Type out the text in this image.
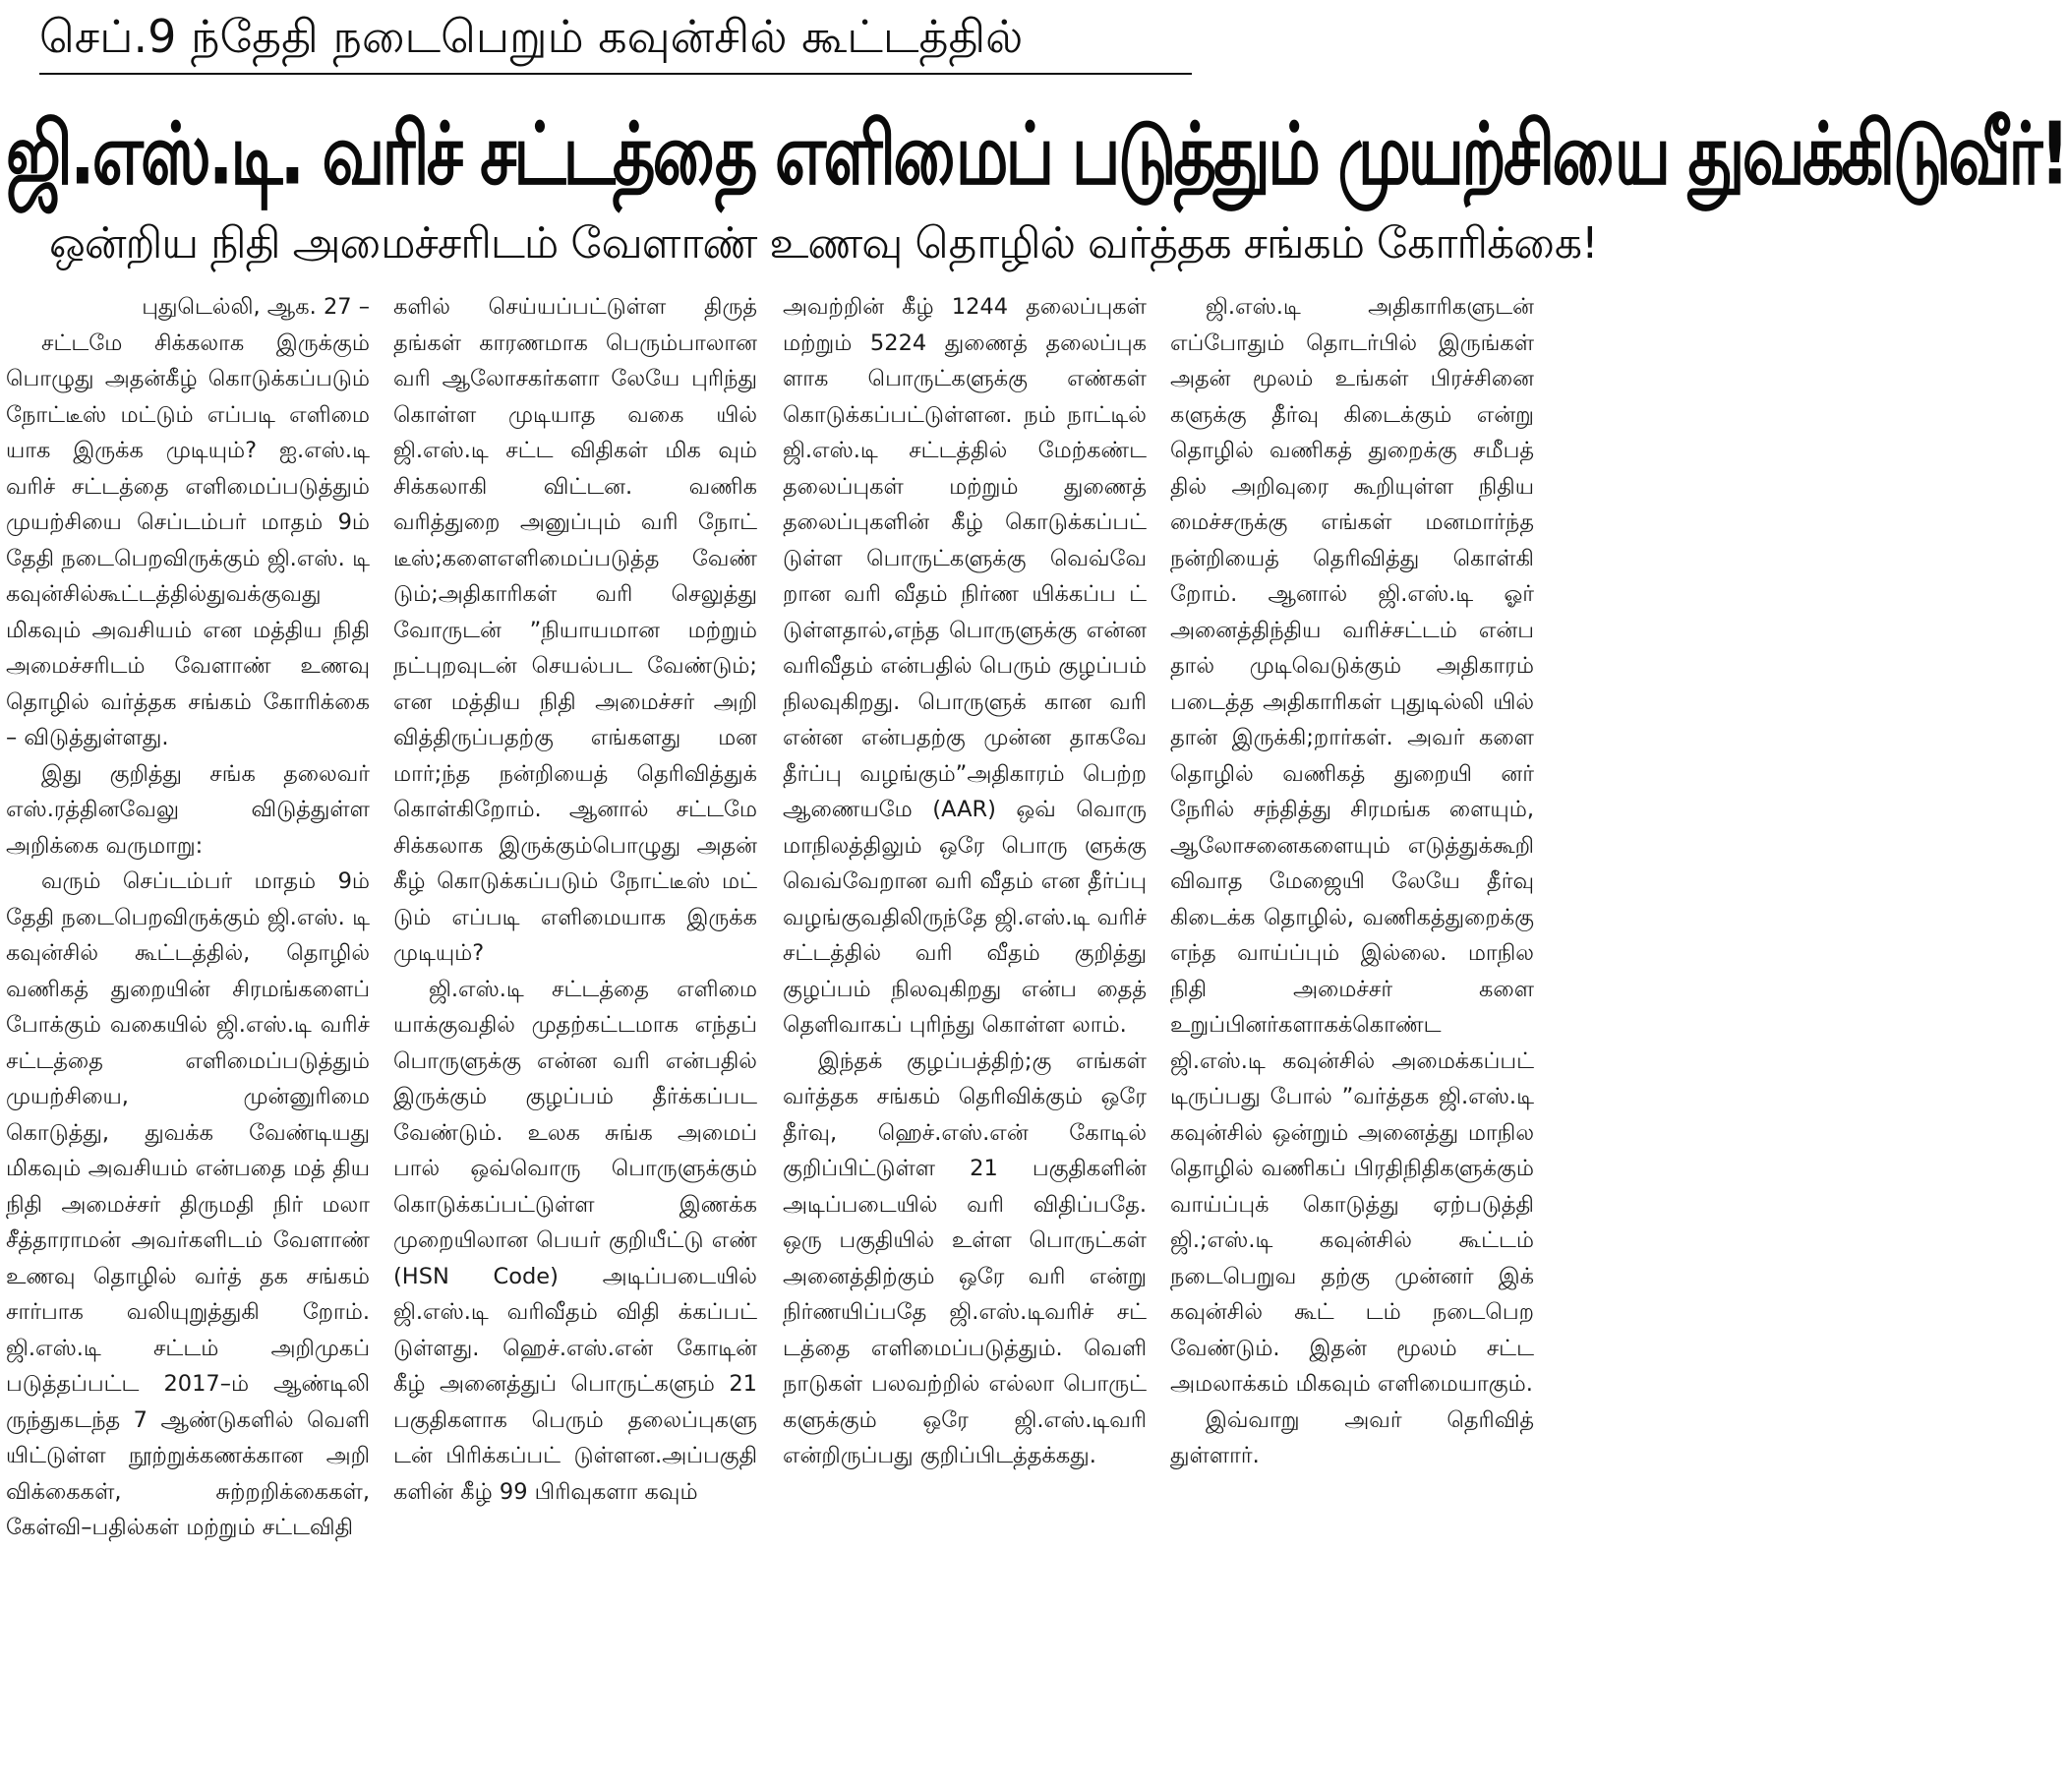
செப்.9 ந்தேதி நடைபெறும் கவுன்சில் கூட்டத்தில்
ஜி.எஸ்.டி. வரிச் சட்டத்தை எளிமைப் படுத்தும் முயற்சியை துவக்கிடுவீர்!
ஒன்றிய நிதி அமைச்சரிடம் வேளாண் உணவு தொழில் வர்த்தக சங்கம் கோரிக்கை!

புதுடெல்லி, ஆக. 27 –

சட்டமே சிக்கலாக இருக்கும் பொழுது அதன்கீழ் கொடுக்கப்படும் நோட்டீஸ் மட்டும் எப்படி எளிமை யாக இருக்க முடியும்? ஐ.எஸ்.டி வரிச் சட்டத்தை எளிமைப்படுத்தும் முயற்சியை செப்டம்பர் மாதம் 9ம் தேதி நடைபெறவிருக்கும் ஜி.எஸ். டி கவுன்சில்கூட்டத்தில்துவக்குவது மிகவும் அவசியம் என மத்திய நிதி அமைச்சரிடம் வேளாண் உணவு தொழில் வர்த்தக சங்கம் கோரிக்கை – விடுத்துள்ளது.

இது குறித்து சங்க தலைவர் எஸ்.ரத்தினவேலு விடுத்துள்ள அறிக்கை வருமாறு:

வரும் செப்டம்பர் மாதம் 9ம் தேதி நடைபெறவிருக்கும் ஜி.எஸ். டி கவுன்சில் கூட்டத்தில், தொழில் வணிகத் துறையின் சிரமங்களைப் போக்கும் வகையில் ஜி.எஸ்.டி வரிச் சட்டத்தை எளிமைப்படுத்தும் முயற்சியை, முன்னுரிமை கொடுத்து, துவக்க வேண்டியது மிகவும் அவசியம் என்பதை மத் திய நிதி அமைச்சர் திருமதி நிர் மலா சீத்தாராமன் அவர்களிடம் வேளாண் உணவு தொழில் வர்த் தக சங்கம் சார்பாக வலியுறுத்துகி றோம். ஜி.எஸ்.டி சட்டம் அறிமுகப் படுத்தப்பட்ட 2017–ம் ஆண்டிலி ருந்துகடந்த 7 ஆண்டுகளில் வெளி யிட்டுள்ள நூற்றுக்கணக்கான அறி விக்கைகள், சுற்றறிக்கைகள், கேள்வி–பதில்கள் மற்றும் சட்டவிதி

களில் செய்யப்பட்டுள்ள திருத் தங்கள் காரணமாக பெரும்பாலான வரி ஆலோசகர்களா லேயே புரிந்து கொள்ள முடியாத வகை யில் ஜி.எஸ்.டி சட்ட விதிகள் மிக வும் சிக்கலாகி விட்டன. வணிக வரித்துறை அனுப்பும் வரி நோட் டீஸ்;களைஎளிமைப்படுத்த வேண் டும்;அதிகாரிகள் வரி செலுத்து வோருடன் ”நியாயமான மற்றும் நட்புறவுடன் செயல்பட வேண்டும்; என மத்திய நிதி அமைச்சர் அறி வித்திருப்பதற்கு எங்களது மன மார்;ந்த நன்றியைத் தெரிவித்துக் கொள்கிறோம். ஆனால் சட்டமே சிக்கலாக இருக்கும்பொழுது அதன் கீழ் கொடுக்கப்படும் நோட்டீஸ் மட் டும் எப்படி எளிமையாக இருக்க முடியும்?

ஜி.எஸ்.டி சட்டத்தை எளிமை யாக்குவதில் முதற்கட்டமாக எந்தப் பொருளுக்கு என்ன வரி என்பதில் இருக்கும் குழப்பம் தீர்க்கப்பட வேண்டும். உலக சுங்க அமைப் பால் ஒவ்வொரு பொருளுக்கும் கொடுக்கப்பட்டுள்ள இணக்க முறையிலான பெயர் குறியீட்டு எண் (HSN Code) அடிப்படையில் ஜி.எஸ்.டி வரிவீதம் விதி க்கப்பட் டுள்ளது. ஹெச்.எஸ்.என் கோடின் கீழ் அனைத்துப் பொருட்களும் 21 பகுதிகளாக பெரும் தலைப்புகளு டன் பிரிக்கப்பட் டுள்ளன.அப்பகுதி களின் கீழ் 99 பிரிவுகளா கவும்

அவற்றின் கீழ் 1244 தலைப்புகள் மற்றும் 5224 துணைத் தலைப்புக ளாக பொருட்களுக்கு எண்கள் கொடுக்கப்பட்டுள்ளன. நம் நாட்டில் ஜி.எஸ்.டி சட்டத்தில் மேற்கண்ட தலைப்புகள் மற்றும் துணைத் தலைப்புகளின் கீழ் கொடுக்கப்பட் டுள்ள பொருட்களுக்கு வெவ்வே றான வரி வீதம் நிர்ண யிக்கப்ப ட் டுள்ளதால்,எந்த பொருளுக்கு என்ன வரிவீதம் என்பதில் பெரும் குழப்பம் நிலவுகிறது. பொருளுக் கான வரி என்ன என்பதற்கு முன்ன தாகவே தீர்ப்பு வழங்கும்”அதிகாரம் பெற்ற ஆணையமே (AAR) ஒவ் வொரு மாநிலத்திலும் ஒரே பொரு ளுக்கு வெவ்வேறான வரி வீதம் என தீர்ப்பு வழங்குவதிலிருந்தே ஜி.எஸ்.டி வரிச் சட்டத்தில் வரி வீதம் குறித்து குழப்பம் நிலவுகிறது என்ப தைத் தெளிவாகப் புரிந்து கொள்ள லாம்.

இந்தக் குழப்பத்திற்;கு எங்கள் வர்த்தக சங்கம் தெரிவிக்கும் ஒரே தீர்வு, ஹெச்.எஸ்.என் கோடில் குறிப்பிட்டுள்ள 21 பகுதிகளின் அடிப்படையில் வரி விதிப்பதே. ஒரு பகுதியில் உள்ள பொருட்கள் அனைத்திற்கும் ஒரே வரி என்று நிர்ணயிப்பதே ஜி.எஸ்.டிவரிச் சட் டத்தை எளிமைப்படுத்தும். வெளி நாடுகள் பலவற்றில் எல்லா பொருட் களுக்கும் ஒரே ஜி.எஸ்.டிவரி என்றிருப்பது குறிப்பிடத்தக்கது.

ஜி.எஸ்.டி அதிகாரிகளுடன் எப்போதும் தொடர்பில் இருங்கள் அதன் மூலம் உங்கள் பிரச்சினை களுக்கு தீர்வு கிடைக்கும் என்று தொழில் வணிகத் துறைக்கு சமீபத் தில் அறிவுரை கூறியுள்ள நிதிய மைச்சருக்கு எங்கள் மனமார்ந்த நன்றியைத் தெரிவித்து கொள்கி றோம். ஆனால் ஜி.எஸ்.டி ஓர் அனைத்திந்திய வரிச்சட்டம் என்ப தால் முடிவெடுக்கும் அதிகாரம் படைத்த அதிகாரிகள் புதுடில்லி யில் தான் இருக்கி;றார்கள். அவர் களை தொழில் வணிகத் துறையி னர் நேரில் சந்தித்து சிரமங்க ளையும், ஆலோசனைகளையும் எடுத்துக்கூறி விவாத மேஜையி லேயே தீர்வு கிடைக்க தொழில், வணிகத்துறைக்கு எந்த வாய்ப்பும் இல்லை. மாநில நிதி அமைச்சர் களை உறுப்பினர்களாகக்கொண்ட ஜி.எஸ்.டி கவுன்சில் அமைக்கப்பட் டிருப்பது போல் ”வர்த்தக ஜி.எஸ்.டி கவுன்சில் ஒன்றும் அனைத்து மாநில தொழில் வணிகப் பிரதிநிதிகளுக்கும் வாய்ப்புக் கொடுத்து ஏற்படுத்தி ஜி.;எஸ்.டி கவுன்சில் கூட்டம் நடைபெறுவ தற்கு முன்னர் இக் கவுன்சில் கூட் டம் நடைபெற வேண்டும். இதன் மூலம் சட்ட அமலாக்கம் மிகவும் எளிமையாகும்.

இவ்வாறு அவர் தெரிவித் துள்ளார்.
